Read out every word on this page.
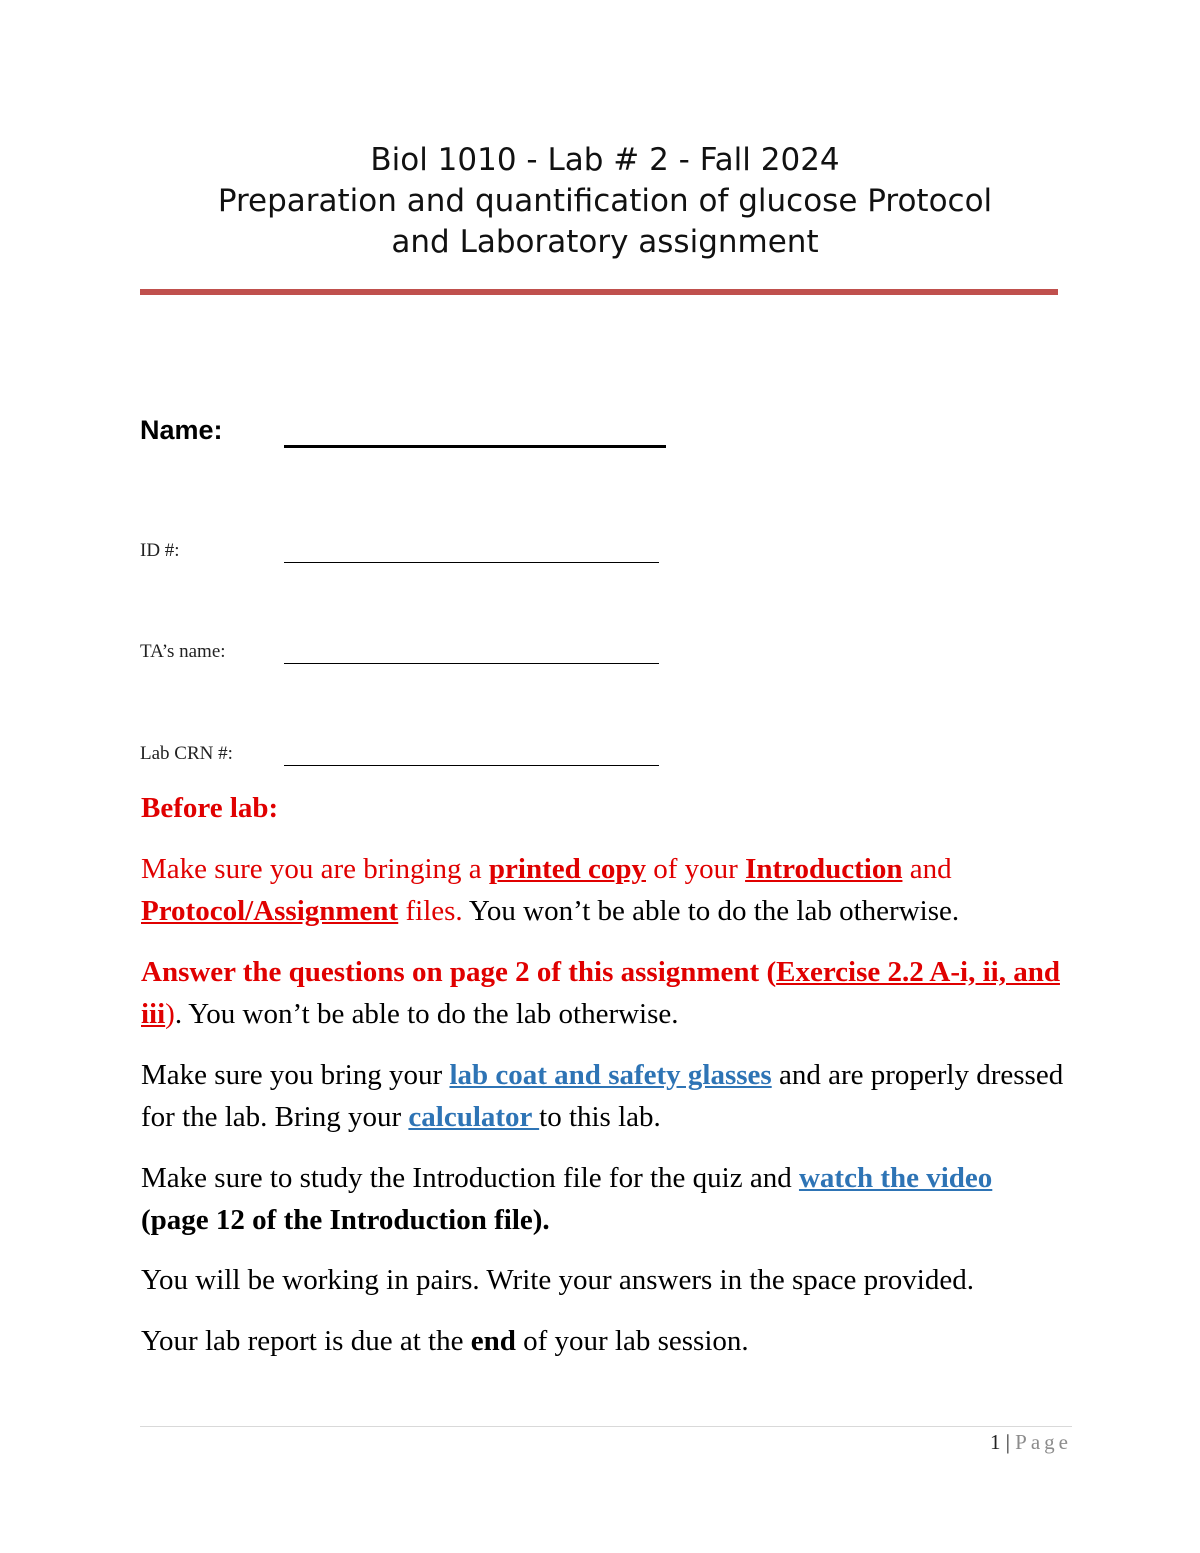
Biol 1010 - Lab # 2 - Fall 2024
Preparation and quantification of glucose Protocol
and Laboratory assignment
Name:
ID #:
TA’s name:
Lab CRN #:
Before lab:
Make sure you are bringing a printed copy of your Introduction and
Protocol/Assignment files. You won’t be able to do the lab otherwise.
Answer the questions on page 2 of this assignment (Exercise 2.2 A-i, ii, and iii). You won’t be able to do the lab otherwise.
Make sure you bring your lab coat and safety glasses and are properly dressed for the lab. Bring your calculator to this lab.
Make sure to study the Introduction file for the quiz and watch the video
(page 12 of the Introduction file).
You will be working in pairs. Write your answers in the space provided.
Your lab report is due at the end of your lab session.
1 | Page
